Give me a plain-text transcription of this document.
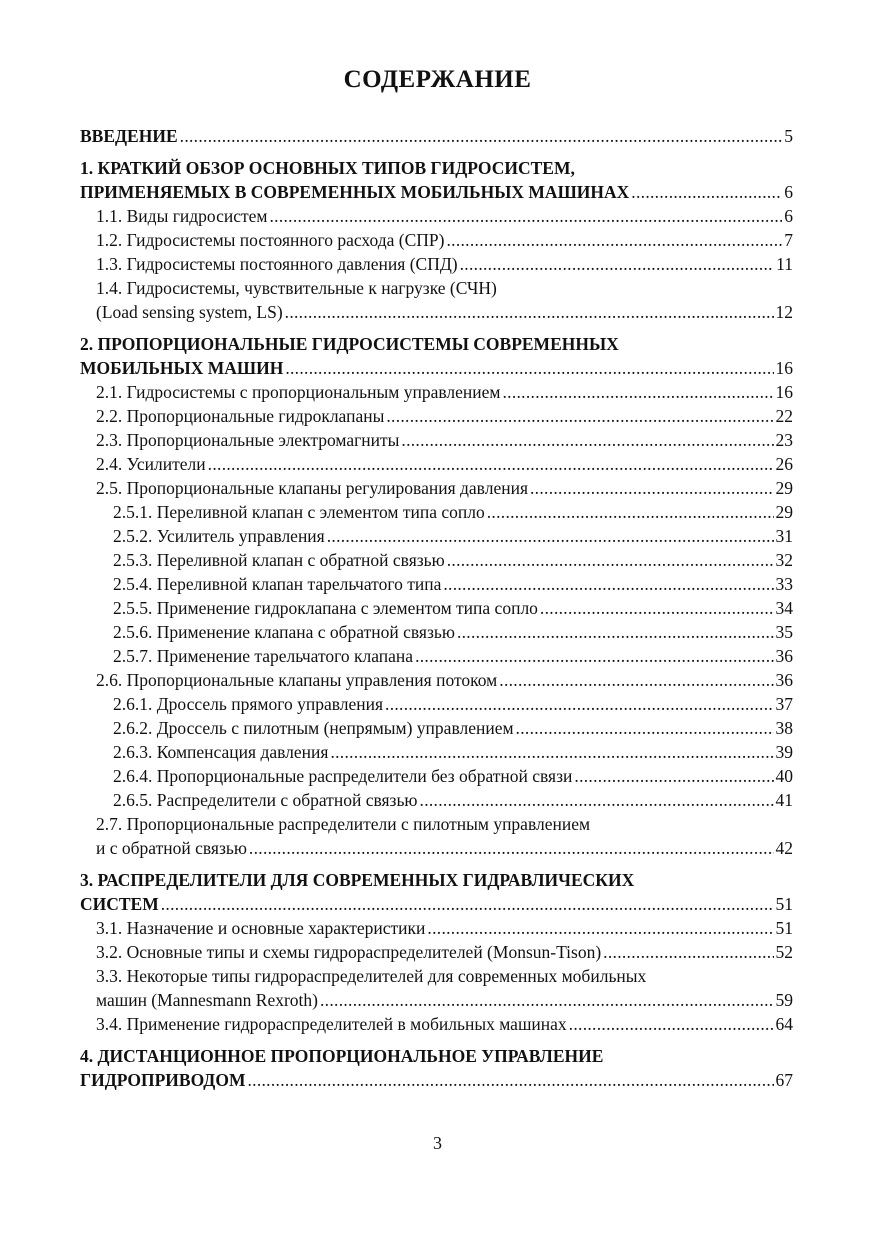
СОДЕРЖАНИЕ
ВВЕДЕНИЕ .....	5
1. КРАТКИЙ ОБЗОР ОСНОВНЫХ ТИПОВ ГИДРОСИСТЕМ,
ПРИМЕНЯЕМЫХ В СОВРЕМЕННЫХ МОБИЛЬНЫХ МАШИНАХ .....	6
1.1. Виды гидросистем .....	6
1.2. Гидросистемы постоянного расхода (СПР) .....	7
1.3. Гидросистемы постоянного давления (СПД) .....	11
1.4. Гидросистемы, чувствительные к нагрузке (СЧН)
(Load sensing system, LS) .....	12
2. ПРОПОРЦИОНАЛЬНЫЕ ГИДРОСИСТЕМЫ СОВРЕМЕННЫХ
МОБИЛЬНЫХ МАШИН .....	16
2.1. Гидросистемы с пропорциональным управлением .....	16
2.2. Пропорциональные гидроклапаны .....	22
2.3. Пропорциональные электромагниты .....	23
2.4. Усилители .....	26
2.5. Пропорциональные клапаны регулирования давления .....	29
2.5.1. Переливной клапан с элементом типа сопло .....	29
2.5.2. Усилитель управления .....	31
2.5.3. Переливной клапан с обратной связью .....	32
2.5.4. Переливной клапан тарельчатого типа .....	33
2.5.5. Применение гидроклапана с элементом типа сопло .....	34
2.5.6. Применение клапана с обратной связью .....	35
2.5.7. Применение тарельчатого клапана .....	36
2.6. Пропорциональные клапаны управления потоком .....	36
2.6.1. Дроссель прямого управления .....	37
2.6.2. Дроссель с пилотным (непрямым) управлением .....	38
2.6.3. Компенсация давления .....	39
2.6.4. Пропорциональные распределители без обратной связи .....	40
2.6.5. Распределители с обратной связью .....	41
2.7. Пропорциональные распределители с пилотным управлением
и с обратной связью .....	42
3. РАСПРЕДЕЛИТЕЛИ ДЛЯ СОВРЕМЕННЫХ ГИДРАВЛИЧЕСКИХ
СИСТЕМ .....	51
3.1. Назначение и основные характеристики .....	51
3.2. Основные типы и схемы гидрораспределителей (Monsun-Tison) .....	52
3.3. Некоторые типы гидрораспределителей для современных мобильных
машин (Mannesmann Rexroth) .....	59
3.4. Применение гидрораспределителей в мобильных машинах .....	64
4. ДИСТАНЦИОННОЕ ПРОПОРЦИОНАЛЬНОЕ УПРАВЛЕНИЕ
ГИДРОПРИВОДОМ .....	67
3
